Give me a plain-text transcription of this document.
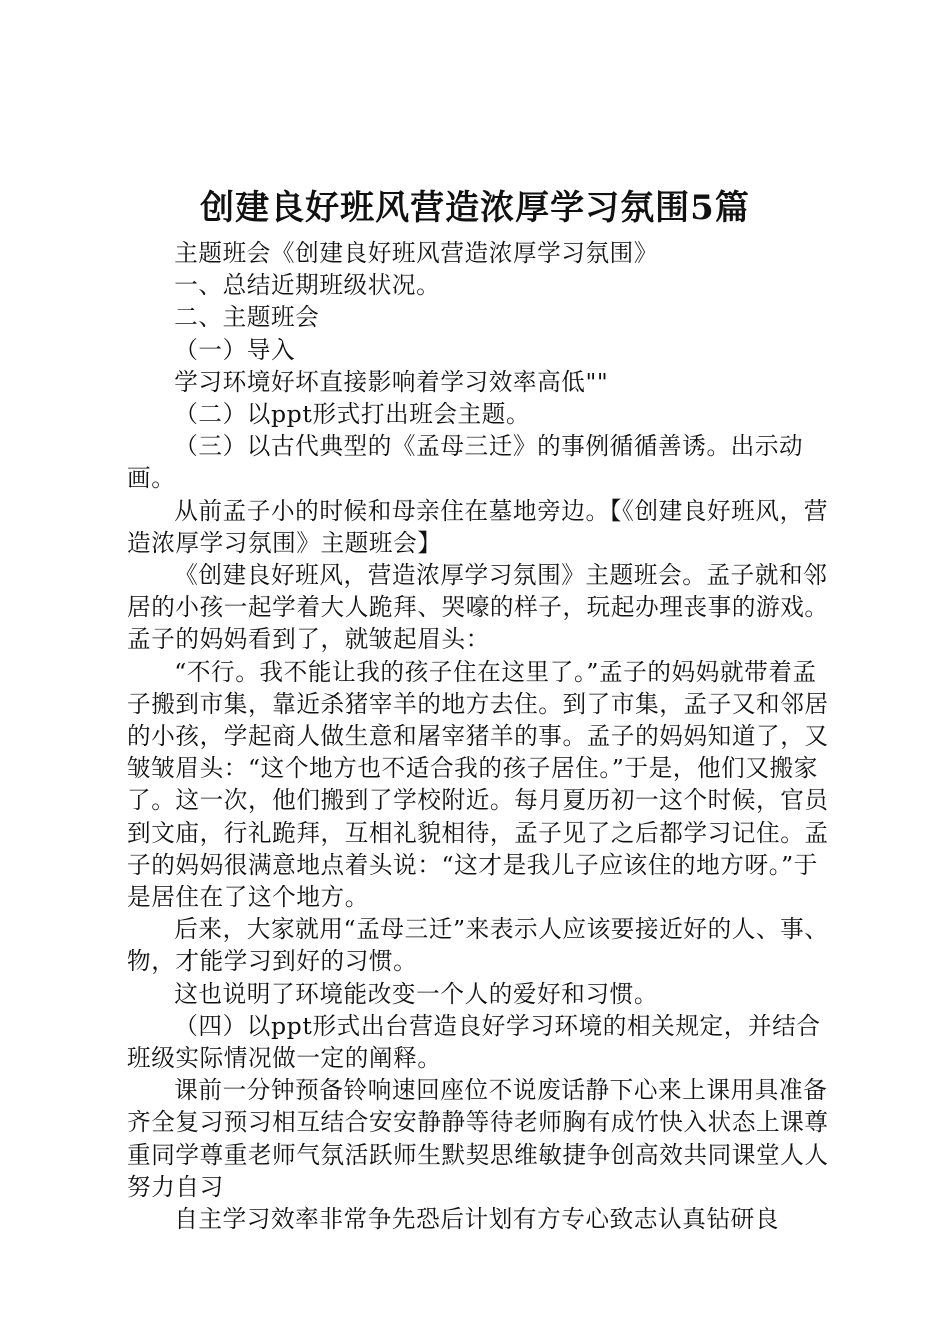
创建良好班风营造浓厚学习氛围5篇

主题班会《创建良好班风营造浓厚学习氛围》

一、总结近期班级状况。

二、主题班会

（一）导入

学习环境好坏直接影响着学习效率高低""

（二）以ppt形式打出班会主题。

（三）以古代典型的《孟母三迁》的事例循循善诱。出示动画。

从前孟子小的时候和母亲住在墓地旁边。【《创建良好班风，营造浓厚学习氛围》主题班会】

《创建良好班风，营造浓厚学习氛围》主题班会。孟子就和邻居的小孩一起学着大人跪拜、哭嚎的样子，玩起办理丧事的游戏。孟子的妈妈看到了，就皱起眉头：

“不行。我不能让我的孩子住在这里了。”孟子的妈妈就带着孟子搬到市集，靠近杀猪宰羊的地方去住。到了市集，孟子又和邻居的小孩，学起商人做生意和屠宰猪羊的事。孟子的妈妈知道了，又皱皱眉头：“这个地方也不适合我的孩子居住。”于是，他们又搬家了。这一次，他们搬到了学校附近。每月夏历初一这个时候，官员到文庙，行礼跪拜，互相礼貌相待，孟子见了之后都学习记住。孟子的妈妈很满意地点着头说：“这才是我儿子应该住的地方呀。”于是居住在了这个地方。

后来，大家就用“孟母三迁”来表示人应该要接近好的人、事、物，才能学习到好的习惯。

这也说明了环境能改变一个人的爱好和习惯。

（四）以ppt形式出台营造良好学习环境的相关规定，并结合班级实际情况做一定的阐释。

课前一分钟预备铃响速回座位不说废话静下心来上课用具准备齐全复习预习相互结合安安静静等待老师胸有成竹快入状态上课尊重同学尊重老师气氛活跃师生默契思维敏捷争创高效共同课堂人人努力自习

自主学习效率非常争先恐后计划有方专心致志认真钻研良
